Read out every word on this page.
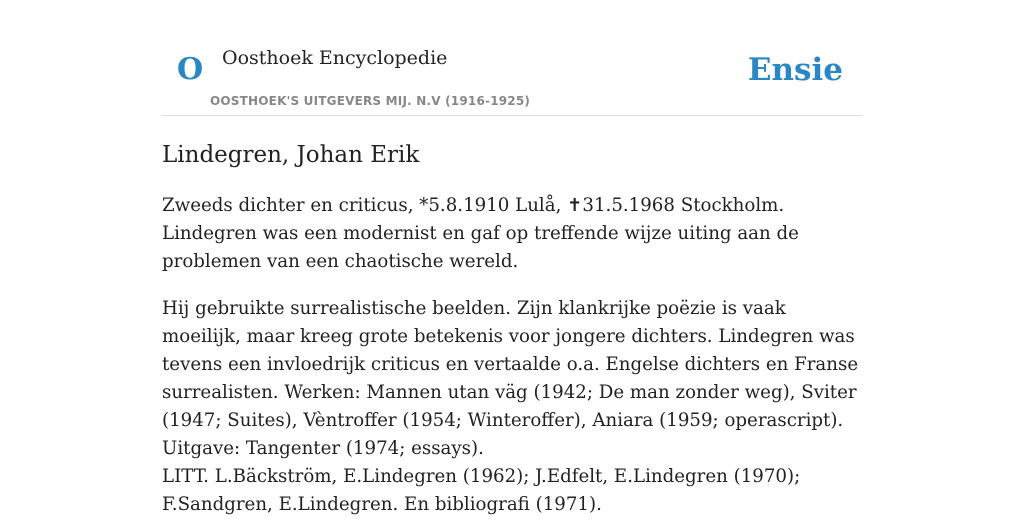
O Oosthoek Encyclopedie
OOSTHOEK'S UITGEVERS MIJ. N.V (1916-1925)
Ensie
Lindegren, Johan Erik

Zweeds dichter en criticus, *5.8.1910 Lulå, ✝31.5.1968 Stockholm. Lindegren was een modernist en gaf op treffende wijze uiting aan de problemen van een chaotische wereld.

Hij gebruikte surrealistische beelden. Zijn klankrijke poëzie is vaak moeilijk, maar kreeg grote betekenis voor jongere dichters. Lindegren was tevens een invloedrijk criticus en vertaalde o.a. Engelse dichters en Franse surrealisten. Werken: Mannen utan väg (1942; De man zonder weg), Sviter (1947; Suites), Vèntroffer (1954; Winteroffer), Aniara (1959; operascript). Uitgave: Tangenter (1974; essays).

LITT. L.Bäckström, E.Lindegren (1962); J.Edfelt, E.Lindegren (1970); F.Sandgren, E.Lindegren. En bibliografi (1971).
